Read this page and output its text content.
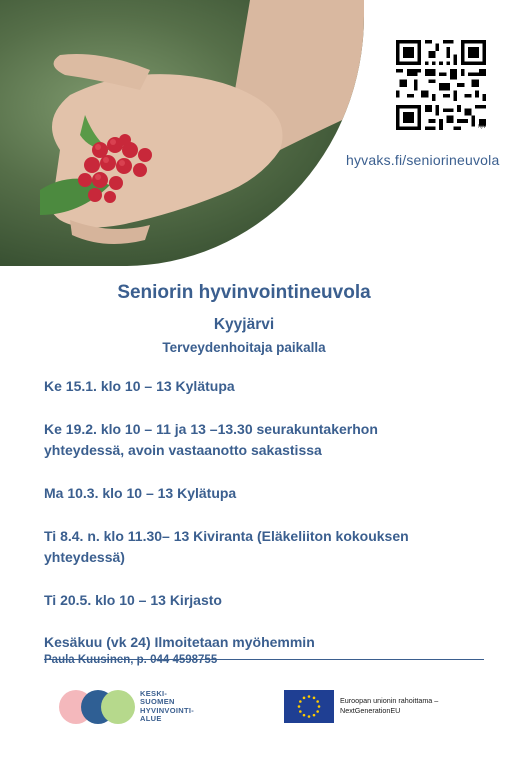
hyv
hyvaks.fi/seniorineuvola
Seniorin hyvinvointineuvola
Kyyjärvi
Terveydenhoitaja paikalla
Ke 15.1. klo 10 – 13 Kylätupa
Ke 19.2. klo 10 – 11 ja 13 –13.30 seurakuntakerhon
yhteydessä, avoin vastaanotto sakastissa
Ma 10.3. klo 10 – 13 Kylätupa
Ti 8.4. n. klo 11.30– 13 Kiviranta (Eläkeliiton kokouksen
yhteydessä)
Ti 20.5. klo 10 – 13 Kirjasto
Kesäkuu (vk 24) Ilmoitetaan myöhemmin
Paula Kuusinen, p. 044 4598755
KESKI-
SUOMEN
HYVINVOINTI-
ALUE
Euroopan unionin rahoittama –
NextGenerationEU
